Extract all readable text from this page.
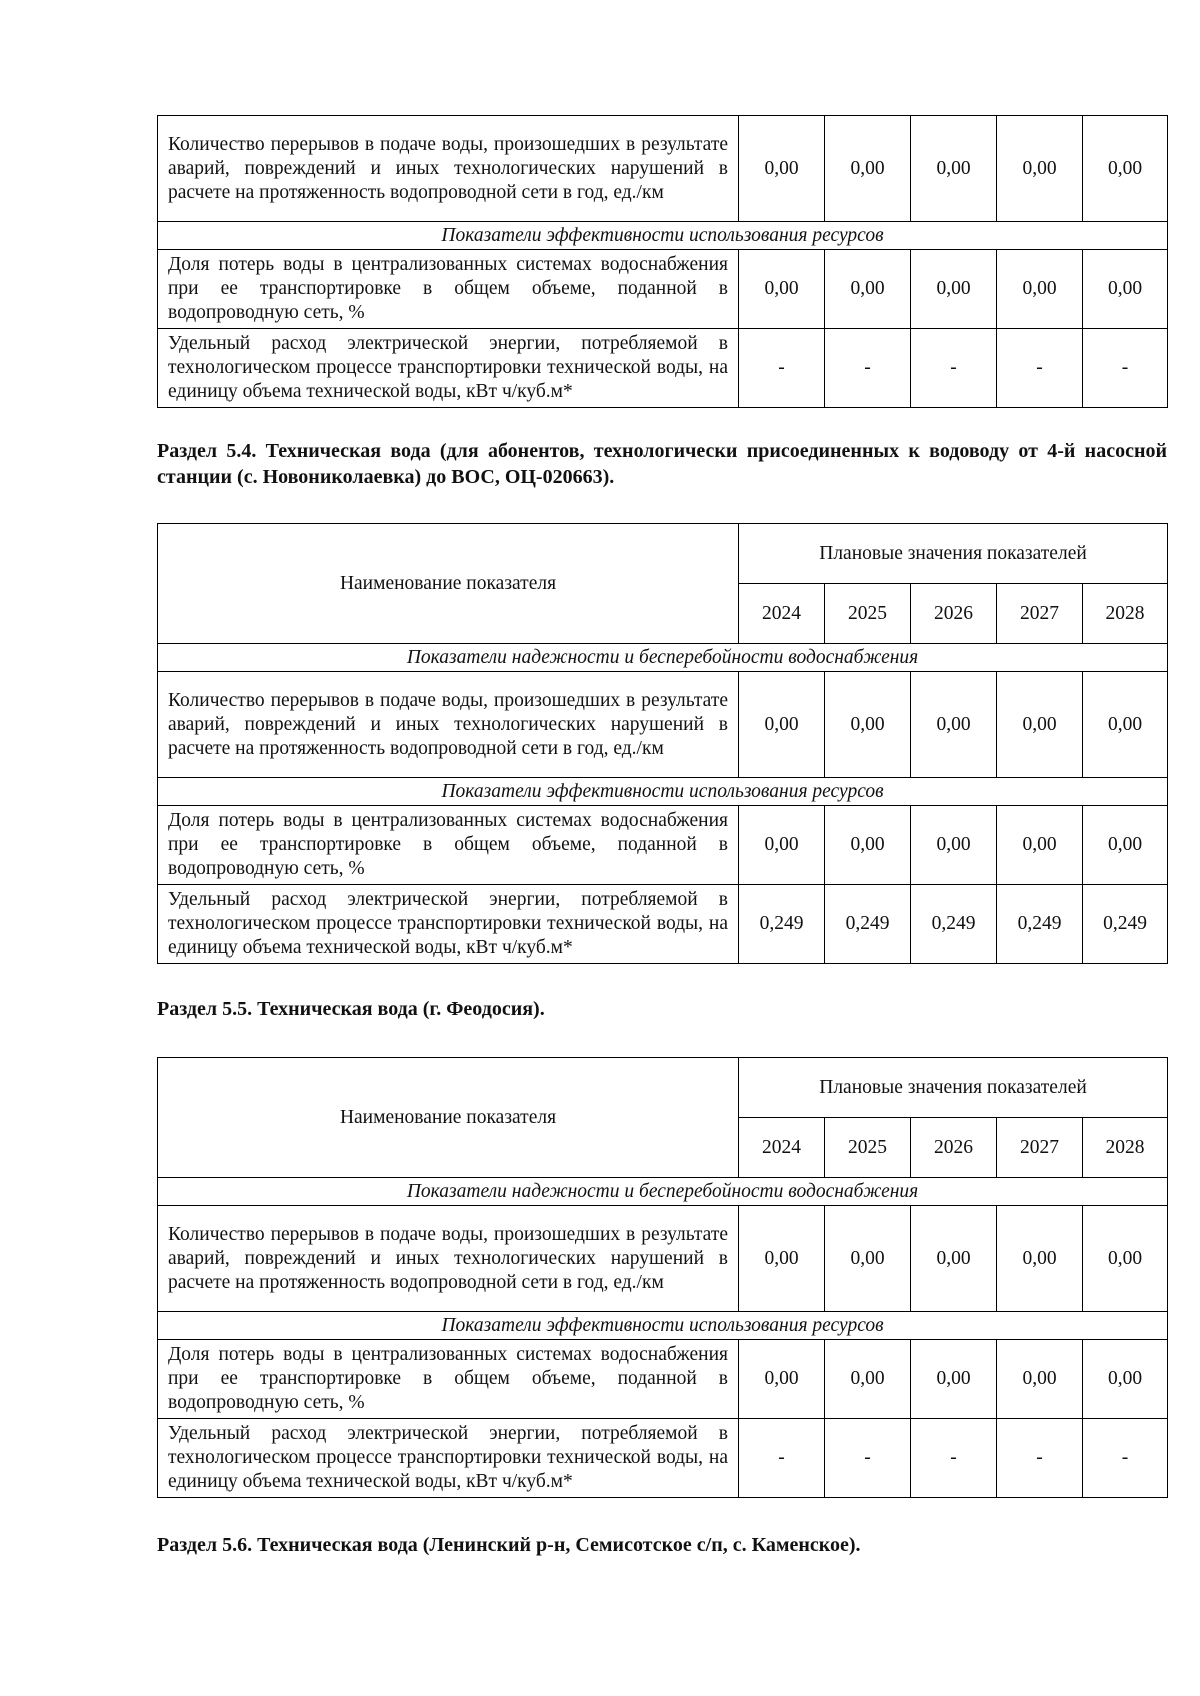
Количество перерывов в подаче воды, произошедших в результате аварий, повреждений и иных технологических нарушений в расчете на протяженность водопроводной сети в год, ед./км	0,00	0,00	0,00	0,00	0,00
Показатели эффективности использования ресурсов					
Доля потерь воды в централизованных системах водоснабжения при ее транспортировке в общем объеме, поданной в водопроводную сеть, %	0,00	0,00	0,00	0,00	0,00
Удельный расход электрической энергии, потребляемой в технологическом процессе транспортировки технической воды, на единицу объема технической воды, кВт ч/куб.м*	-	-	-	-	-
Раздел 5.4. Техническая вода (для абонентов, технологически присоединенных к водоводу от 4-й насосной станции (с. Новониколаевка) до ВОС, ОЦ-020663).
Наименование показателя	Плановые значения показателей				
	2024	2025	2026	2027	2028
Показатели надежности и бесперебойности водоснабжения					
Количество перерывов в подаче воды, произошедших в результате аварий, повреждений и иных технологических нарушений в расчете на протяженность водопроводной сети в год, ед./км	0,00	0,00	0,00	0,00	0,00
Показатели эффективности использования ресурсов					
Доля потерь воды в централизованных системах водоснабжения при ее транспортировке в общем объеме, поданной в водопроводную сеть, %	0,00	0,00	0,00	0,00	0,00
Удельный расход электрической энергии, потребляемой в технологическом процессе транспортировки технической воды, на единицу объема технической воды, кВт ч/куб.м*	0,249	0,249	0,249	0,249	0,249
Раздел 5.5. Техническая вода (г. Феодосия).
Наименование показателя	Плановые значения показателей				
	2024	2025	2026	2027	2028
Показатели надежности и бесперебойности водоснабжения					
Количество перерывов в подаче воды, произошедших в результате аварий, повреждений и иных технологических нарушений в расчете на протяженность водопроводной сети в год, ед./км	0,00	0,00	0,00	0,00	0,00
Показатели эффективности использования ресурсов					
Доля потерь воды в централизованных системах водоснабжения при ее транспортировке в общем объеме, поданной в водопроводную сеть, %	0,00	0,00	0,00	0,00	0,00
Удельный расход электрической энергии, потребляемой в технологическом процессе транспортировки технической воды, на единицу объема технической воды, кВт ч/куб.м*	-	-	-	-	-
Раздел 5.6. Техническая вода (Ленинский р-н, Семисотское с/п, с. Каменское).
